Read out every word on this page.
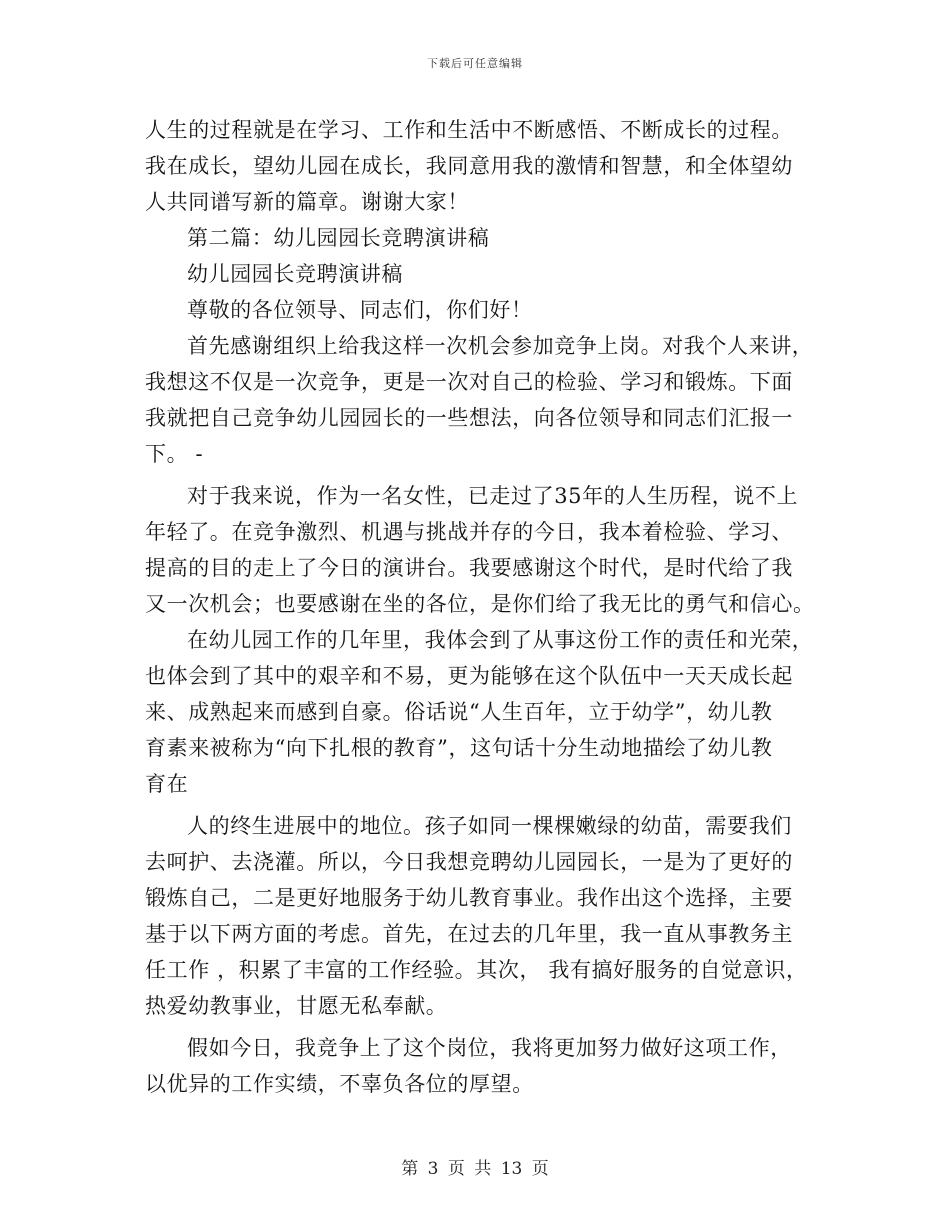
下载后可任意编辑
人生的过程就是在学习、工作和生活中不断感悟、不断成长的过程。
我在成长，望幼儿园在成长，我同意用我的激情和智慧，和全体望幼
人共同谱写新的篇章。谢谢大家！
第二篇：幼儿园园长竞聘演讲稿
幼儿园园长竞聘演讲稿
尊敬的各位领导、同志们，你们好！
首先感谢组织上给我这样一次机会参加竞争上岗。对我个人来讲，
我想这不仅是一次竞争，更是一次对自己的检验、学习和锻炼。下面
我就把自己竞争幼儿园园长的一些想法，向各位领导和同志们汇报一
下。 -
对于我来说，作为一名女性，已走过了35年的人生历程，说不上
年轻了。在竞争激烈、机遇与挑战并存的今日，我本着检验、学习、
提高的目的走上了今日的演讲台。我要感谢这个时代，是时代给了我
又一次机会；也要感谢在坐的各位，是你们给了我无比的勇气和信心。
在幼儿园工作的几年里，我体会到了从事这份工作的责任和光荣，
也体会到了其中的艰辛和不易，更为能够在这个队伍中一天天成长起
来、成熟起来而感到自豪。俗话说“人生百年，立于幼学”，幼儿教
育素来被称为“向下扎根的教育”，这句话十分生动地描绘了幼儿教
育在
人的终生进展中的地位。孩子如同一棵棵嫩绿的幼苗，需要我们
去呵护、去浇灌。所以，今日我想竞聘幼儿园园长，一是为了更好的
锻炼自己，二是更好地服务于幼儿教育事业。我作出这个选择，主要
基于以下两方面的考虑。首先，在过去的几年里，我一直从事教务主
任工作 ，积累了丰富的工作经验。其次， 我有搞好服务的自觉意识，
热爱幼教事业，甘愿无私奉献。
假如今日，我竞争上了这个岗位，我将更加努力做好这项工作，
以优异的工作实绩，不辜负各位的厚望。
第 3 页 共 13 页
